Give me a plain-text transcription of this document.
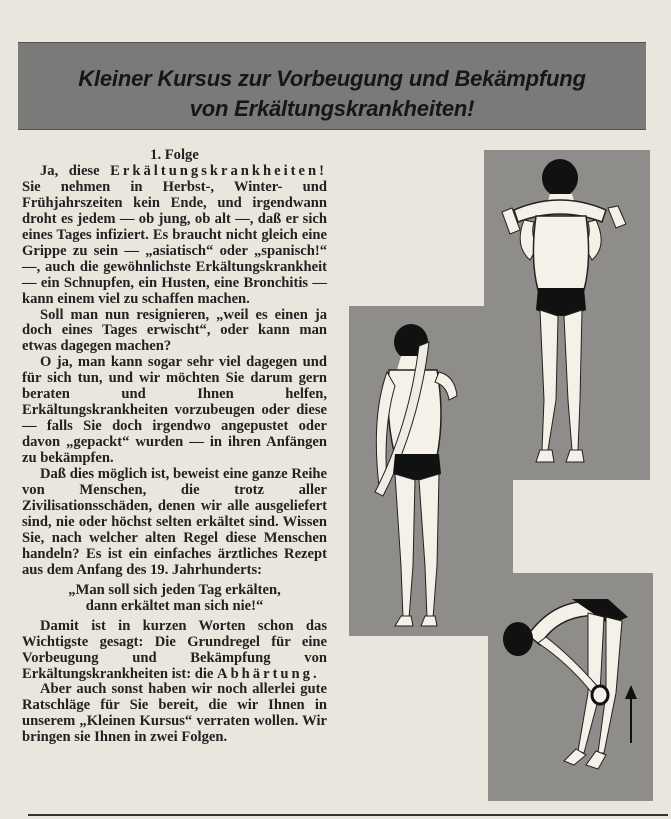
Kleiner Kursus zur Vorbeugung und Bekämpfung
von Erkältungskrankheiten!

1. Folge

Ja, diese Erkältungskrankheiten! Sie nehmen in Herbst-, Winter- und Frühjahrszeiten kein Ende, und irgendwann droht es jedem — ob jung, ob alt —, daß er sich eines Tages infiziert. Es braucht nicht gleich eine Grippe zu sein — „asiatisch“ oder „spanisch!“ —, auch die gewöhnlichste Erkältungskrankheit — ein Schnupfen, ein Husten, eine Bronchitis — kann einem viel zu schaffen machen.

Soll man nun resignieren, „weil es einen ja doch eines Tages erwischt“, oder kann man etwas dagegen machen?

O ja, man kann sogar sehr viel dagegen und für sich tun, und wir möchten Sie darum gern beraten und Ihnen helfen, Erkältungskrankheiten vorzubeugen oder diese — falls Sie doch irgendwo angepustet oder davon „gepackt“ wurden — in ihren Anfängen zu bekämpfen.

Daß dies möglich ist, beweist eine ganze Reihe von Menschen, die trotz aller Zivilisationsschäden, denen wir alle ausgeliefert sind, nie oder höchst selten erkältet sind. Wissen Sie, nach welcher alten Regel diese Menschen handeln? Es ist ein einfaches ärztliches Rezept aus dem Anfang des 19. Jahrhunderts:

„Man soll sich jeden Tag erkälten,
dann erkältet man sich nie!“

Damit ist in kurzen Worten schon das Wichtigste gesagt: Die Grundregel für eine Vorbeugung und Bekämpfung von Erkältungskrankheiten ist: die Abhärtung.

Aber auch sonst haben wir noch allerlei gute Ratschläge für Sie bereit, die wir Ihnen in unserem „Kleinen Kursus“ verraten wollen. Wir bringen sie Ihnen in zwei Folgen.
